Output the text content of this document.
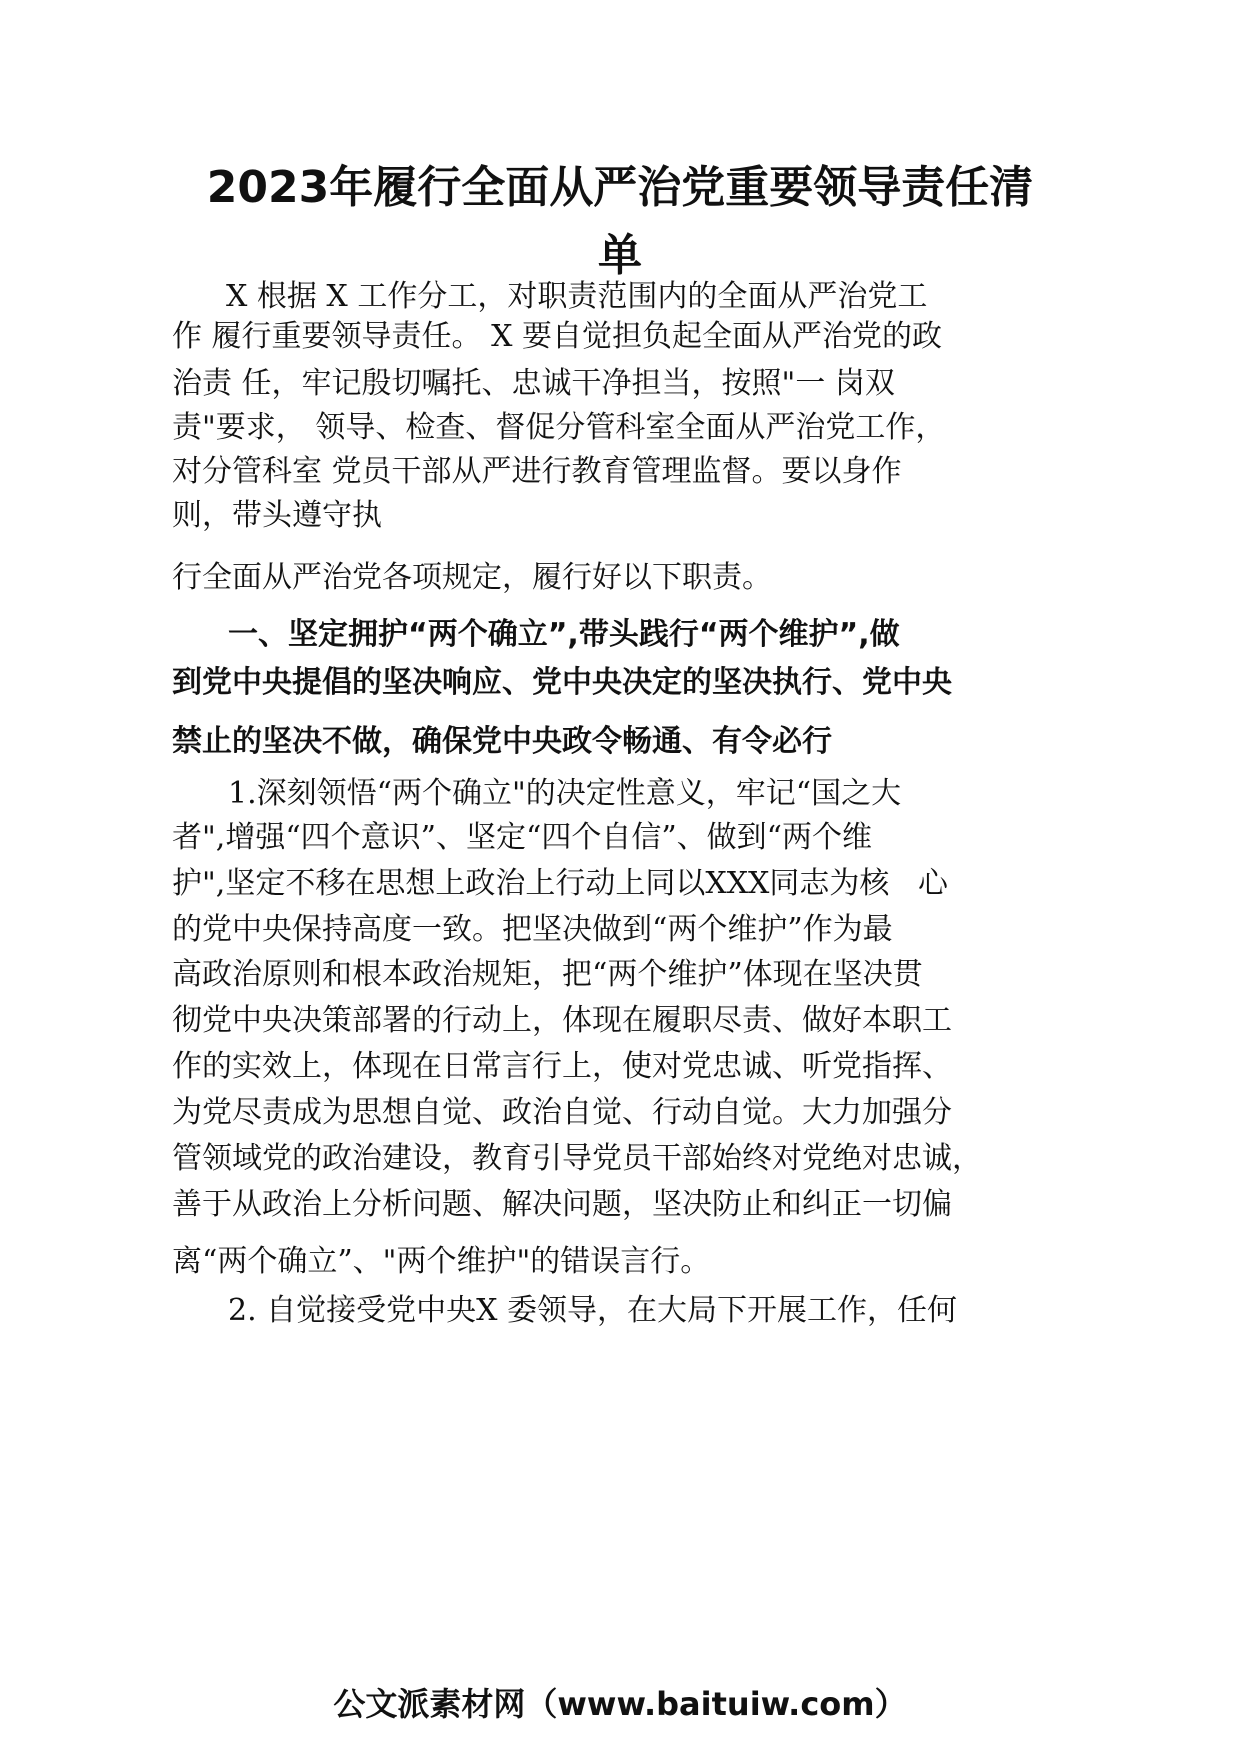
2023年履行全面从严治党重要领导责任清
单

X 根据 X 工作分工，对职责范围内的全面从严治党工

作 履行重要领导责任。 X 要自觉担负起全面从严治党的政

治责 任，牢记殷切嘱托、忠诚干净担当，按照"一 岗双

责"要求， 领导、检查、督促分管科室全面从严治党工作，

对分管科室 党员干部从严进行教育管理监督。要以身作

则，带头遵守执

行全面从严治党各项规定，履行好以下职责。

一、坚定拥护“两个确立”,带头践行“两个维护”,做

到党中央提倡的坚决响应、党中央决定的坚决执行、党中央

禁止的坚决不做，确保党中央政令畅通、有令必行

1.深刻领悟“两个确立"的决定性意义，牢记“国之大

者",增强“四个意识”、坚定“四个自信”、做到“两个维

护",坚定不移在思想上政治上行动上同以XXX同志为核   心

的党中央保持高度一致。把坚决做到“两个维护”作为最

高政治原则和根本政治规矩，把“两个维护”体现在坚决贯

彻党中央决策部署的行动上，体现在履职尽责、做好本职工

作的实效上，体现在日常言行上，使对党忠诚、听党指挥、

为党尽责成为思想自觉、政治自觉、行动自觉。大力加强分

管领域党的政治建设，教育引导党员干部始终对党绝对忠诚，

善于从政治上分析问题、解决问题，坚决防止和纠正一切偏

离“两个确立”、"两个维护"的错误言行。

2. 自觉接受党中央X 委领导，在大局下开展工作，任何

公文派素材网（www.baituiw.com）
